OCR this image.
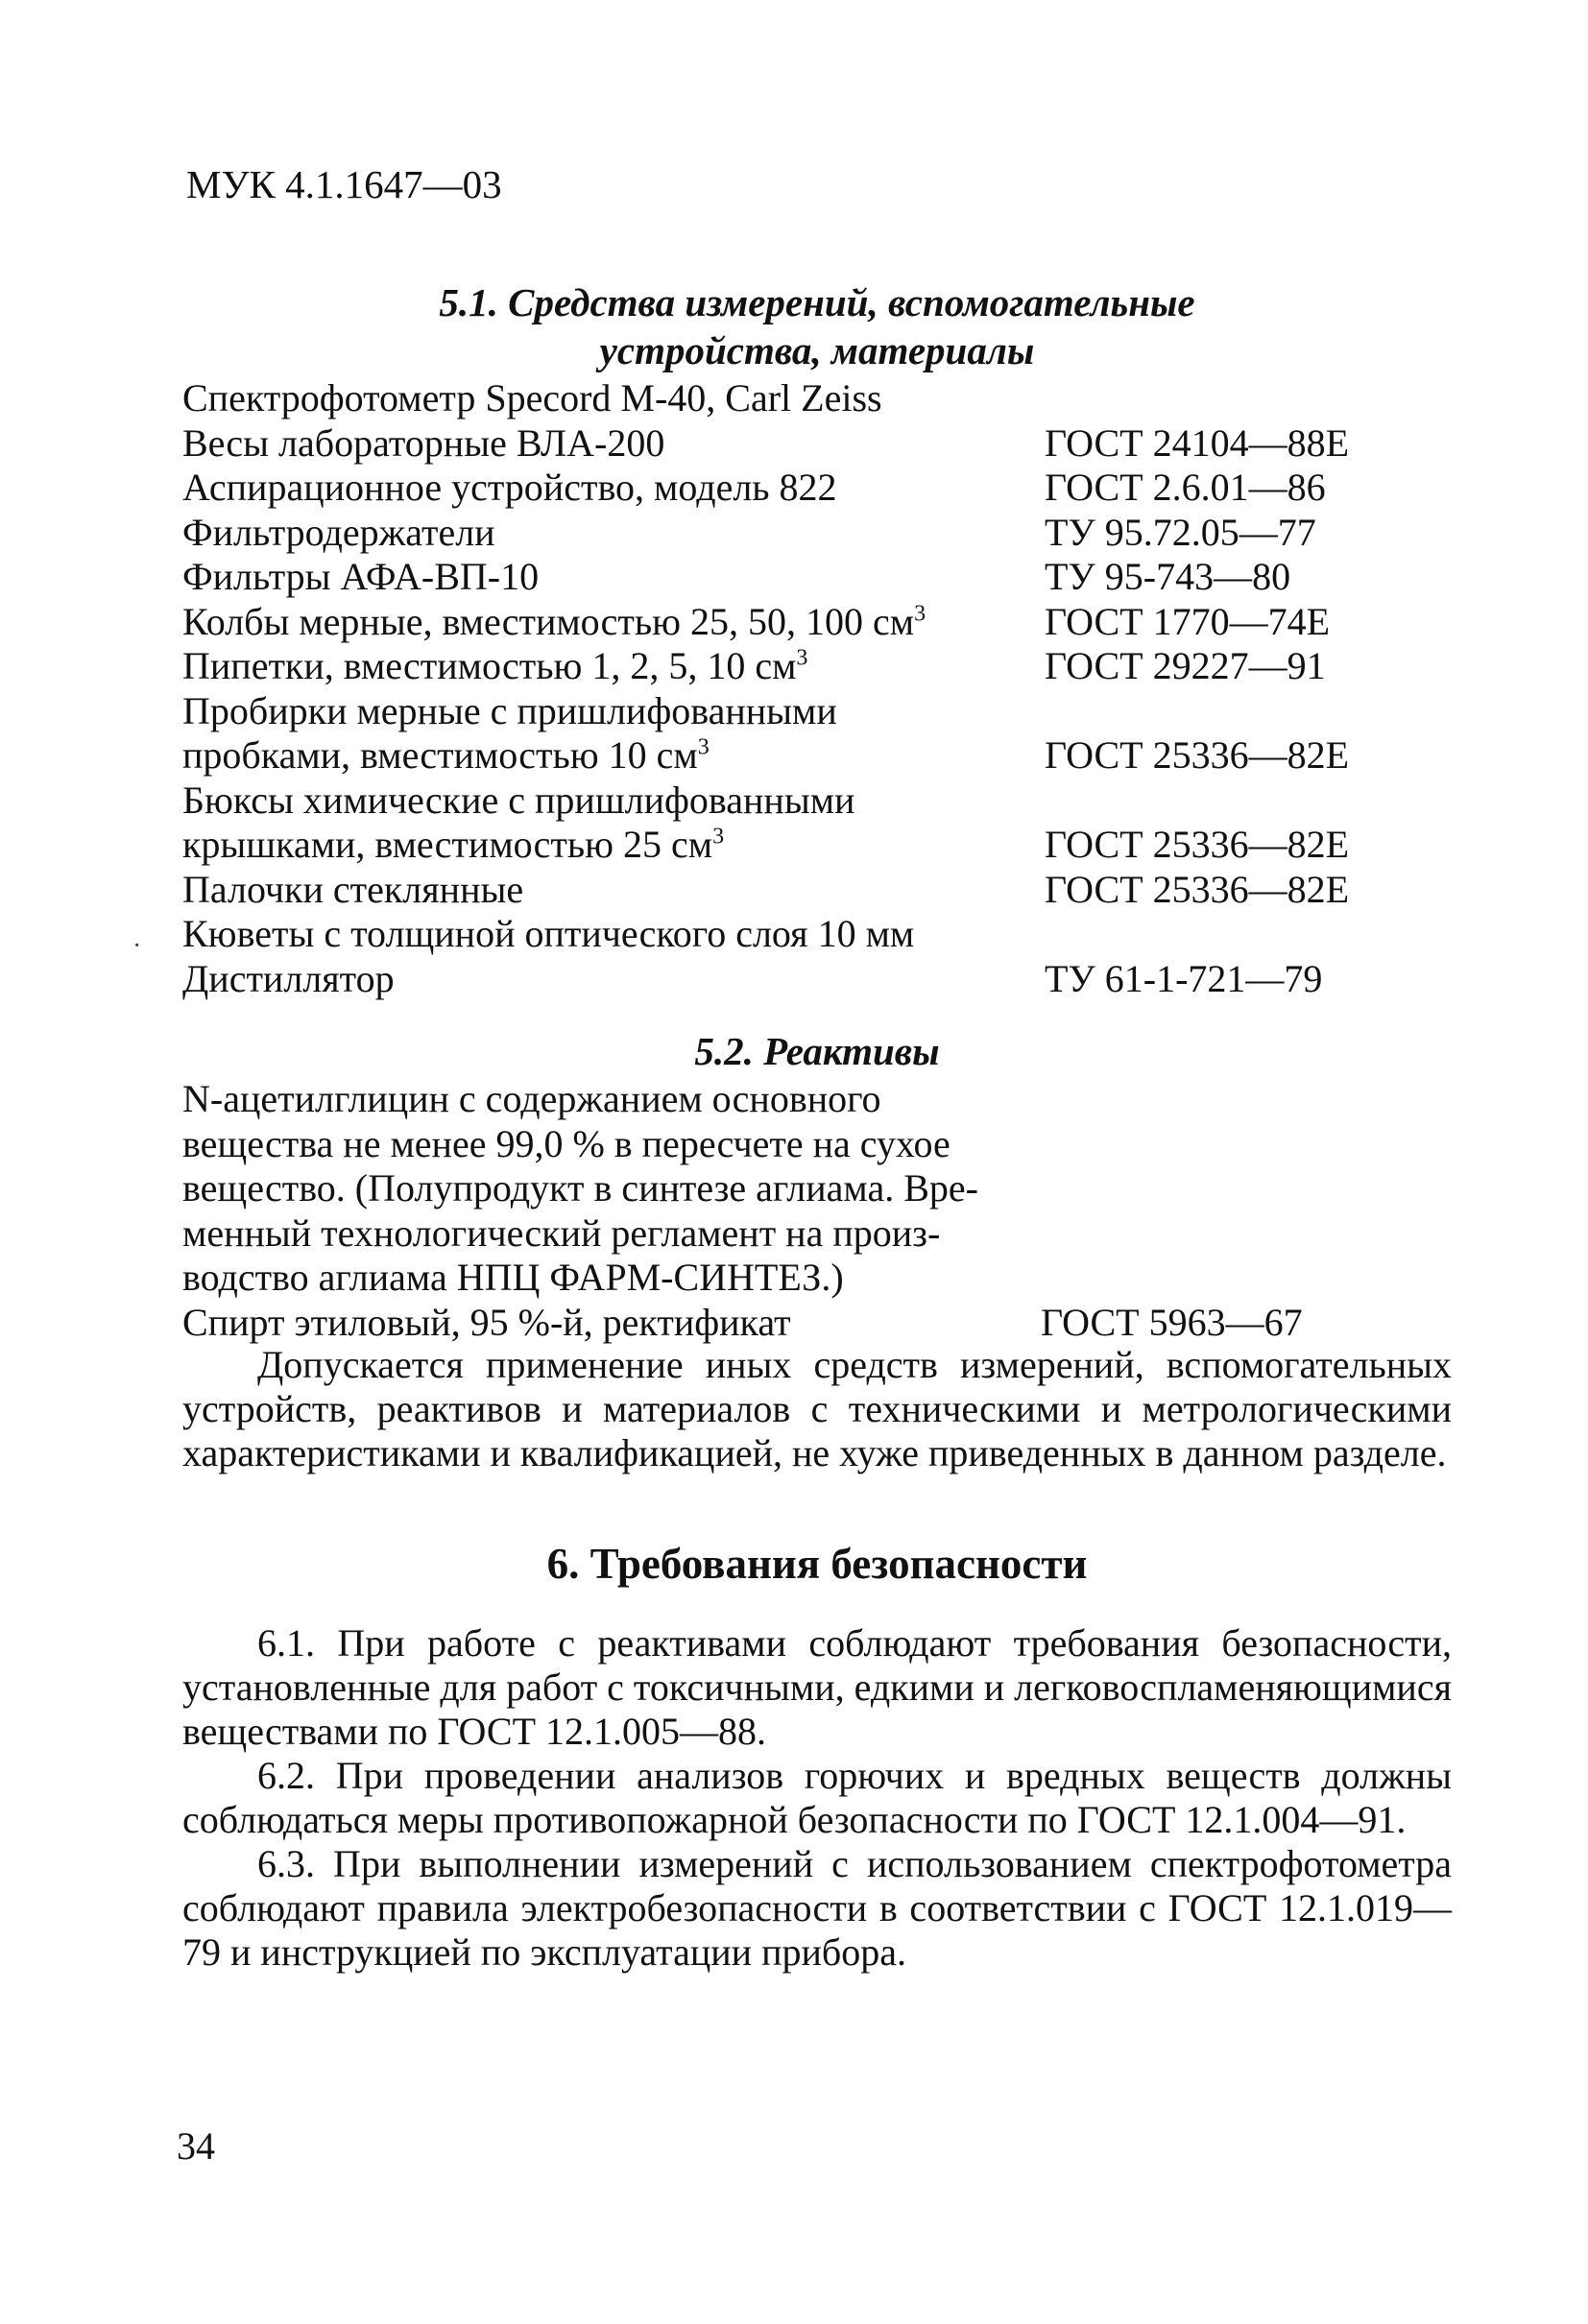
МУК 4.1.1647—03
5.1. Средства измерений, вспомогательные
устройства, материалы
Спектрофотометр Specord M-40, Carl Zeiss
Весы лабораторные ВЛА-200	ГОСТ 24104—88Е
Аспирационное устройство, модель 822	ГОСТ 2.6.01—86
Фильтродержатели	ТУ 95.72.05—77
Фильтры АФА-ВП-10	ТУ 95-743—80
Колбы мерные, вместимостью 25, 50, 100 $см^3$	ГОСТ 1770—74Е
Пипетки, вместимостью 1, 2, 5, 10 $см^3$	ГОСТ 29227—91
Пробирки мерные с пришлифованными
пробками, вместимостью 10 $см^3$	ГОСТ 25336—82Е
Бюксы химические с пришлифованными
крышками, вместимостью 25 $см^3$	ГОСТ 25336—82Е
Палочки стеклянные	ГОСТ 25336—82Е
Кюветы с толщиной оптического слоя 10 мм
Дистиллятор	ТУ 61-1-721—79
·
5.2. Реактивы
N-ацетилглицин с содержанием основного
вещества не менее 99,0 % в пересчете на сухое
вещество. (Полупродукт в синтезе аглиама. Вре-
менный технологический регламент на произ-
водство аглиама НПЦ ФАРМ-СИНТЕЗ.)
Спирт этиловый, 95 %-й, ректификат	ГОСТ 5963—67
Допускается применение иных средств измерений, вспомогательных устройств, реактивов и материалов с техническими и метрологическими характеристиками и квалификацией, не хуже приведенных в данном разделе.
6. Требования безопасности
6.1. При работе с реактивами соблюдают требования безопасности, установленные для работ с токсичными, едкими и легковоспламеняющимися веществами по ГОСТ 12.1.005—88.
6.2. При проведении анализов горючих и вредных веществ должны соблюдаться меры противопожарной безопасности по ГОСТ 12.1.004—91.
6.3. При выполнении измерений с использованием спектрофотометра соблюдают правила электробезопасности в соответствии с ГОСТ 12.1.019—79 и инструкцией по эксплуатации прибора.
34
